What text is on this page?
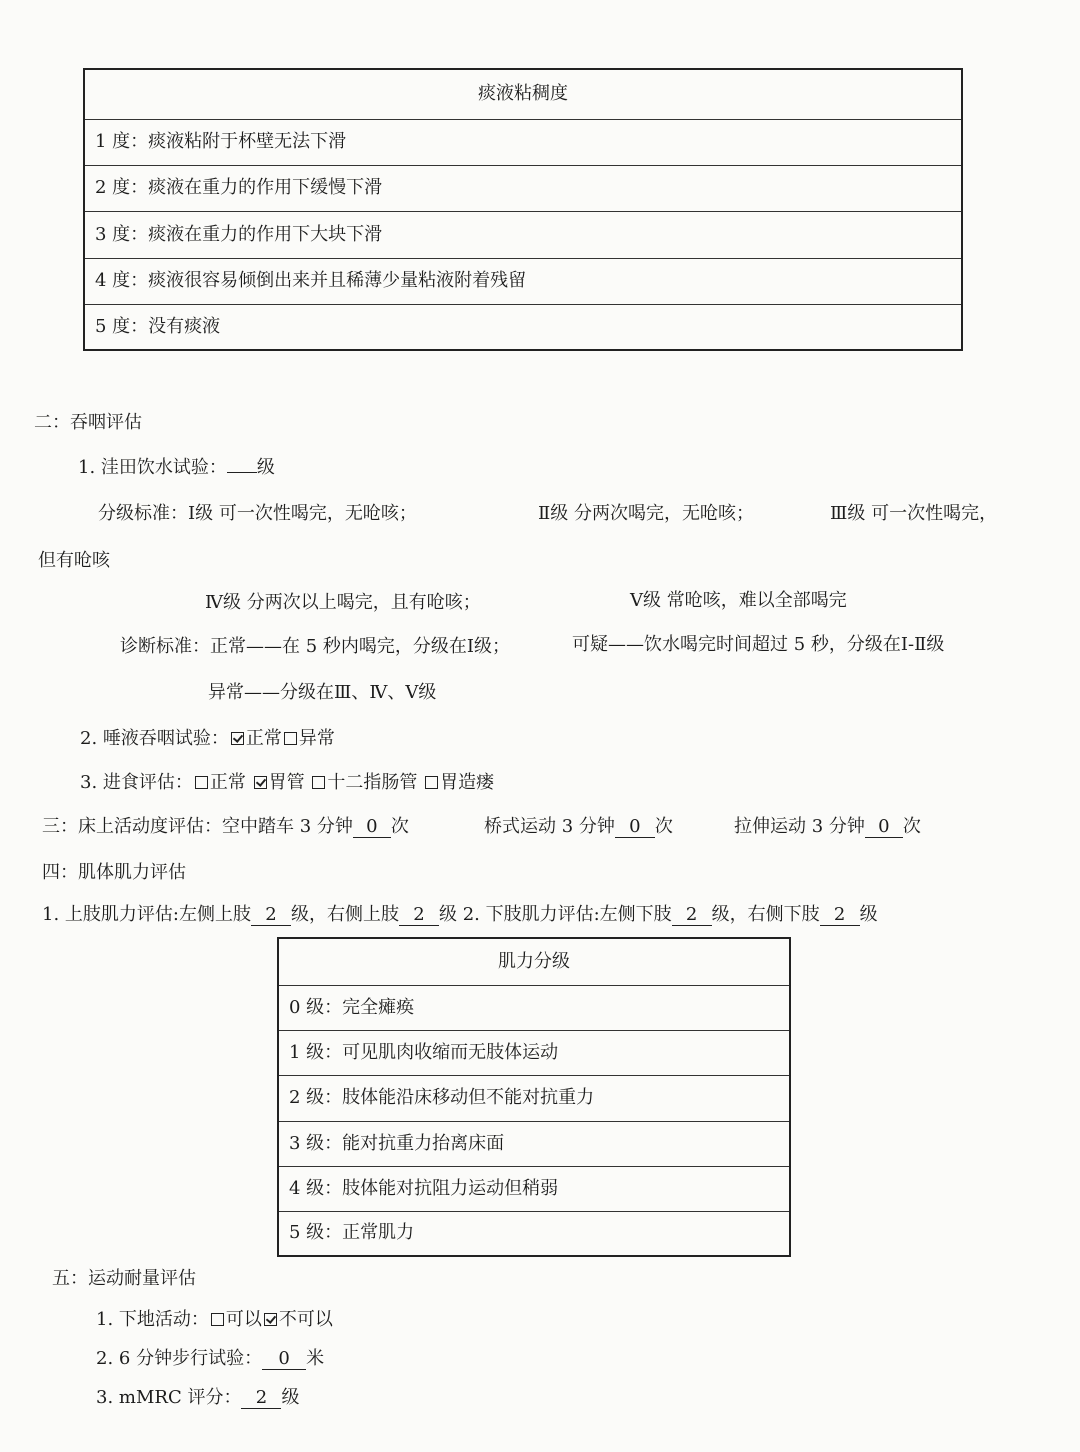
痰液粘稠度
1 度：痰液粘附于杯壁无法下滑
2 度：痰液在重力的作用下缓慢下滑
3 度：痰液在重力的作用下大块下滑
4 度：痰液很容易倾倒出来并且稀薄少量粘液附着残留
5 度：没有痰液
二：吞咽评估
1. 洼田饮水试验： 级
分级标准：Ⅰ级 可一次性喝完，无呛咳；	Ⅱ级 分两次喝完，无呛咳；	Ⅲ级 可一次性喝完，
但有呛咳
Ⅳ级 分两次以上喝完，且有呛咳；	Ⅴ级 常呛咳，难以全部喝完
诊断标准：正常——在 5 秒内喝完，分级在Ⅰ级；	可疑——饮水喝完时间超过 5 秒，分级在Ⅰ-Ⅱ级
异常——分级在Ⅲ、Ⅳ、Ⅴ级
2. 唾液吞咽试验： 正常 异常
3. 进食评估： 正常 胃管 十二指肠管 胃造瘘
三：床上活动度评估：空中踏车 3 分钟 0 次	桥式运动 3 分钟 0 次	拉伸运动 3 分钟 0 次
四：肌体肌力评估
1. 上肢肌力评估:左侧上肢 2 级，右侧上肢 2 级 2. 下肢肌力评估:左侧下肢 2 级，右侧下肢 2 级
肌力分级
0 级：完全瘫痪
1 级：可见肌肉收缩而无肢体运动
2 级：肢体能沿床移动但不能对抗重力
3 级：能对抗重力抬离床面
4 级：肢体能对抗阻力运动但稍弱
5 级：正常肌力
五：运动耐量评估
1. 下地活动： 可以 不可以
2. 6 分钟步行试验： 0 米
3. mMRC 评分： 2 级
